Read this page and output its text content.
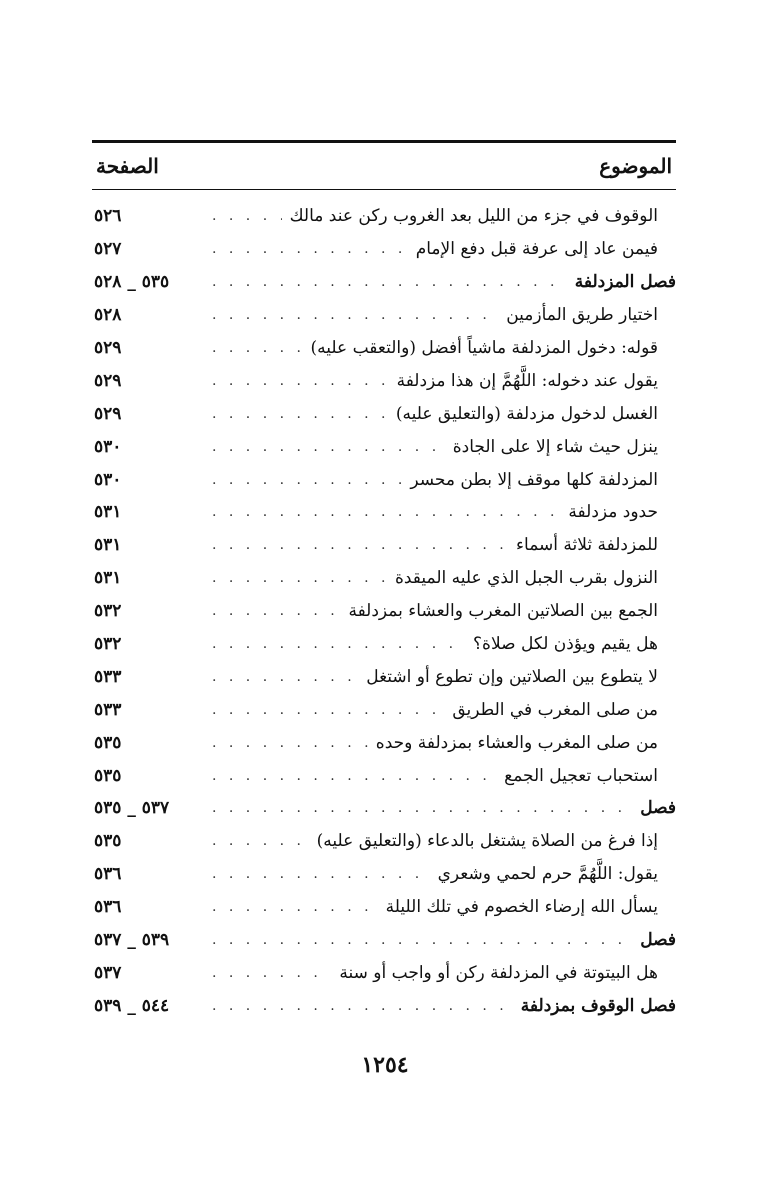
الصفحة	الموضوع
الوقوف في جزء من الليل بعد الغروب ركن عند مالك
. . .
٥٢٦
فيمن عاد إلى عرفة قبل دفع الإمام
. . .
٥٢٧
فصل المزدلفة
. . .
٥٣٥ _ ٥٢٨
اختيار طريق المأزمين
. . .
٥٢٨
قوله: دخول المزدلفة ماشياً أفضل (والتعقب عليه)
. . .
٥٢٩
يقول عند دخوله: اللَّهُمَّ إن هذا مزدلفة
. . .
٥٢٩
الغسل لدخول مزدلفة (والتعليق عليه)
. . .
٥٢٩
ينزل حيث شاء إلا على الجادة
. . .
٥٣٠
المزدلفة كلها موقف إلا بطن محسر
. . .
٥٣٠
حدود مزدلفة
. . .
٥٣١
للمزدلفة ثلاثة أسماء
. . .
٥٣١
النزول بقرب الجبل الذي عليه الميقدة
. . .
٥٣١
الجمع بين الصلاتين المغرب والعشاء بمزدلفة
. . .
٥٣٢
هل يقيم ويؤذن لكل صلاة؟
. . .
٥٣٢
لا يتطوع بين الصلاتين وإن تطوع أو اشتغل
. . .
٥٣٣
من صلى المغرب في الطريق
. . .
٥٣٣
من صلى المغرب والعشاء بمزدلفة وحده
. . .
٥٣٥
استحباب تعجيل الجمع
. . .
٥٣٥
فصل
. . .
٥٣٧ _ ٥٣٥
إذا فرغ من الصلاة يشتغل بالدعاء (والتعليق عليه)
. . .
٥٣٥
يقول: اللَّهُمَّ حرم لحمي وشعري
. . .
٥٣٦
يسأل الله إرضاء الخصوم في تلك الليلة
. . .
٥٣٦
فصل
. . .
٥٣٩ _ ٥٣٧
هل البيتوتة في المزدلفة ركن أو واجب أو سنة
. . .
٥٣٧
فصل الوقوف بمزدلفة
. . .
٥٤٤ _ ٥٣٩
١٢٥٤
